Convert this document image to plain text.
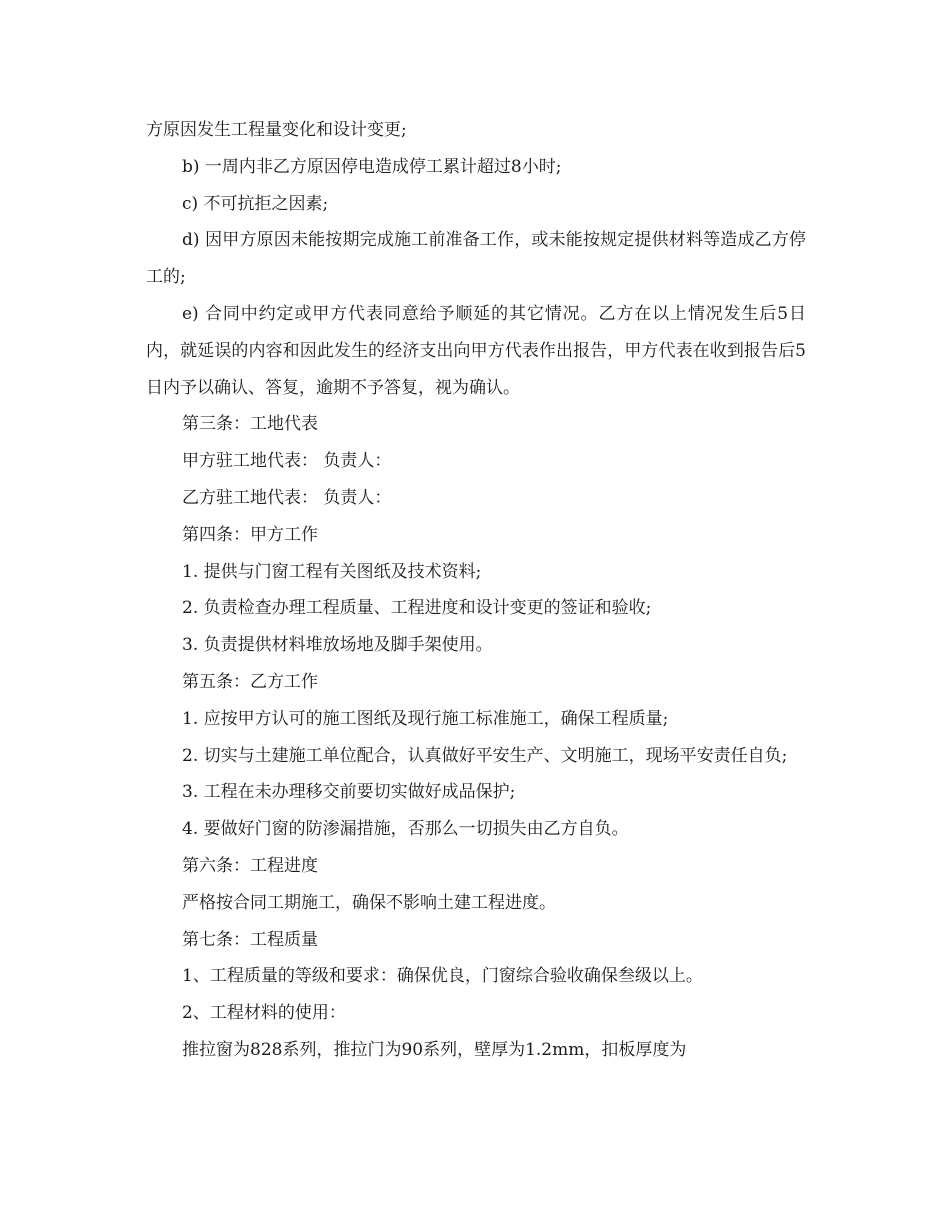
方原因发生工程量变化和设计变更;

b) 一周内非乙方原因停电造成停工累计超过8小时;

c) 不可抗拒之因素;

d) 因甲方原因未能按期完成施工前准备工作，或未能按规定提供材料等造成乙方停工的;

e) 合同中约定或甲方代表同意给予顺延的其它情况。乙方在以上情况发生后5日内，就延误的内容和因此发生的经济支出向甲方代表作出报告，甲方代表在收到报告后5日内予以确认、答复，逾期不予答复，视为确认。

第三条：工地代表

甲方驻工地代表： 负责人：

乙方驻工地代表： 负责人：

第四条：甲方工作

1. 提供与门窗工程有关图纸及技术资料;

2. 负责检查办理工程质量、工程进度和设计变更的签证和验收;

3. 负责提供材料堆放场地及脚手架使用。

第五条：乙方工作

1. 应按甲方认可的施工图纸及现行施工标准施工，确保工程质量;

2. 切实与土建施工单位配合，认真做好平安生产、文明施工，现场平安责任自负;

3. 工程在未办理移交前要切实做好成品保护;

4. 要做好门窗的防渗漏措施，否那么一切损失由乙方自负。

第六条：工程进度

严格按合同工期施工，确保不影响土建工程进度。

第七条：工程质量

1、工程质量的等级和要求：确保优良，门窗综合验收确保叁级以上。

2、工程材料的使用：

推拉窗为828系列，推拉门为90系列，壁厚为1.2mm，扣板厚度为
